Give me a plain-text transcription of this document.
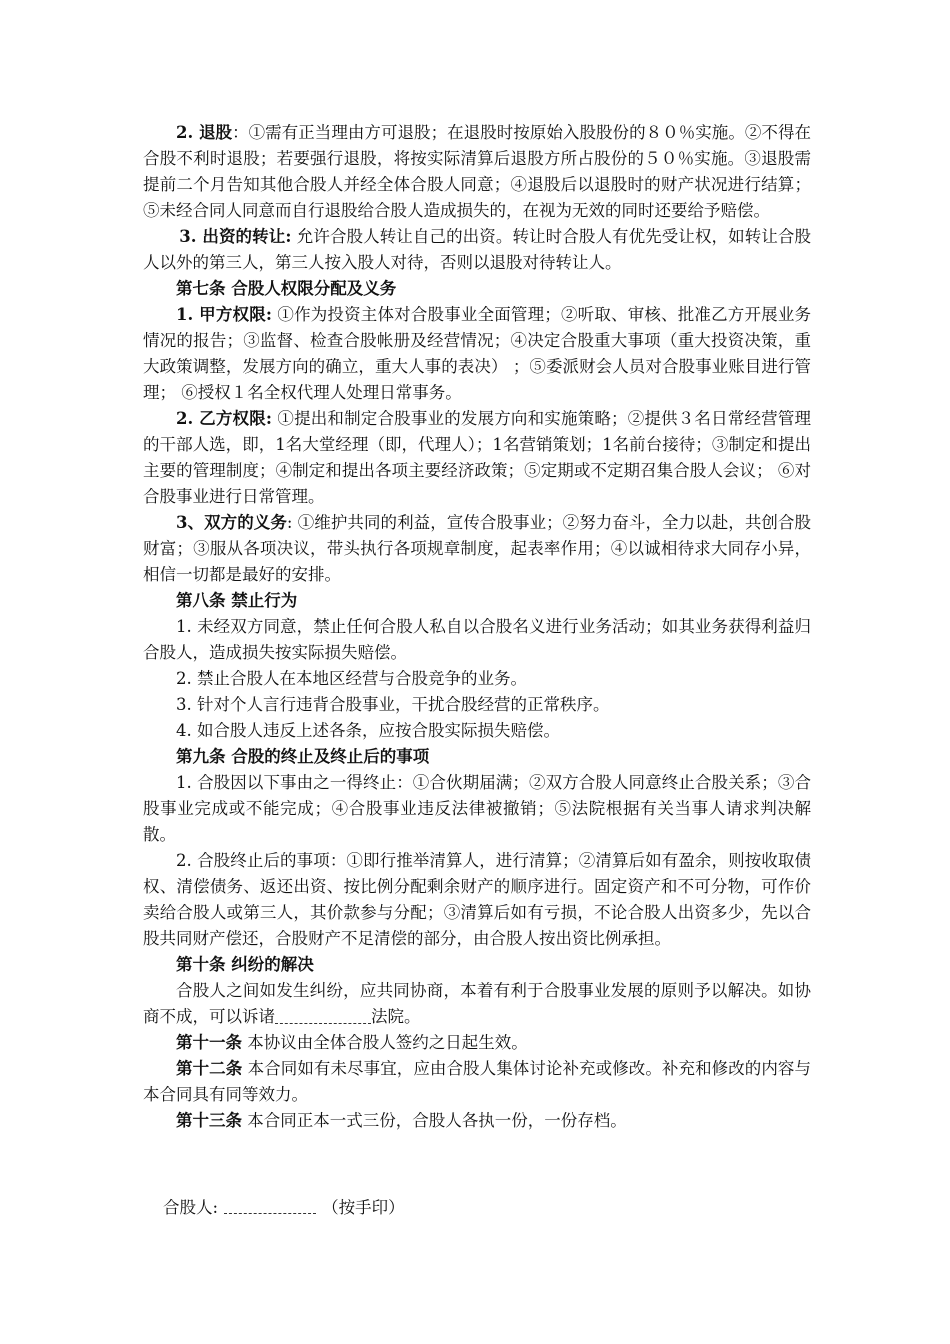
2. 退股：①需有正当理由方可退股；在退股时按原始入股股份的８０％实施。②不得在合股不利时退股；若要强行退股，将按实际清算后退股方所占股份的５０％实施。③退股需提前二个月告知其他合股人并经全体合股人同意；④退股后以退股时的财产状况进行结算；⑤未经合同人同意而自行退股给合股人造成损失的，在视为无效的同时还要给予赔偿。

3. 出资的转让: 允许合股人转让自己的出资。转让时合股人有优先受让权，如转让合股人以外的第三人，第三人按入股人对待，否则以退股对待转让人。

第七条 合股人权限分配及义务

1. 甲方权限: ①作为投资主体对合股事业全面管理；②听取、审核、批准乙方开展业务情况的报告；③监督、检查合股帐册及经营情况；④决定合股重大事项（重大投资决策，重大政策调整，发展方向的确立，重大人事的表决） ；⑤委派财会人员对合股事业账目进行管理； ⑥授权１名全权代理人处理日常事务。

2. 乙方权限: ①提出和制定合股事业的发展方向和实施策略；②提供３名日常经营管理的干部人选，即，1名大堂经理（即，代理人）；1名营销策划；1名前台接待；③制定和提出主要的管理制度；④制定和提出各项主要经济政策；⑤定期或不定期召集合股人会议； ⑥对合股事业进行日常管理。

3、双方的义务: ①维护共同的利益，宣传合股事业；②努力奋斗，全力以赴，共创合股财富；③服从各项决议，带头执行各项规章制度，起表率作用；④以诚相待求大同存小异，相信一切都是最好的安排。

第八条 禁止行为

1. 未经双方同意，禁止任何合股人私自以合股名义进行业务活动；如其业务获得利益归合股人，造成损失按实际损失赔偿。

2. 禁止合股人在本地区经营与合股竞争的业务。

3. 针对个人言行违背合股事业，干扰合股经营的正常秩序。

4. 如合股人违反上述各条，应按合股实际损失赔偿。

第九条 合股的终止及终止后的事项

1. 合股因以下事由之一得终止：①合伙期届满；②双方合股人同意终止合股关系；③合股事业完成或不能完成；④合股事业违反法律被撤销；⑤法院根据有关当事人请求判决解散。

2. 合股终止后的事项：①即行推举清算人，进行清算；②清算后如有盈余，则按收取债权、清偿债务、返还出资、按比例分配剩余财产的顺序进行。固定资产和不可分物，可作价卖给合股人或第三人，其价款参与分配；③清算后如有亏损，不论合股人出资多少，先以合股共同财产偿还，合股财产不足清偿的部分，由合股人按出资比例承担。

第十条 纠纷的解决

合股人之间如发生纠纷，应共同协商，本着有利于合股事业发展的原则予以解决。如协商不成，可以诉诸	法院。

第十一条 本协议由全体合股人签约之日起生效。

第十二条 本合同如有未尽事宜，应由合股人集体讨论补充或修改。补充和修改的内容与本合同具有同等效力。

第十三条 本合同正本一式三份，合股人各执一份，一份存档。

合股人:	（按手印）
